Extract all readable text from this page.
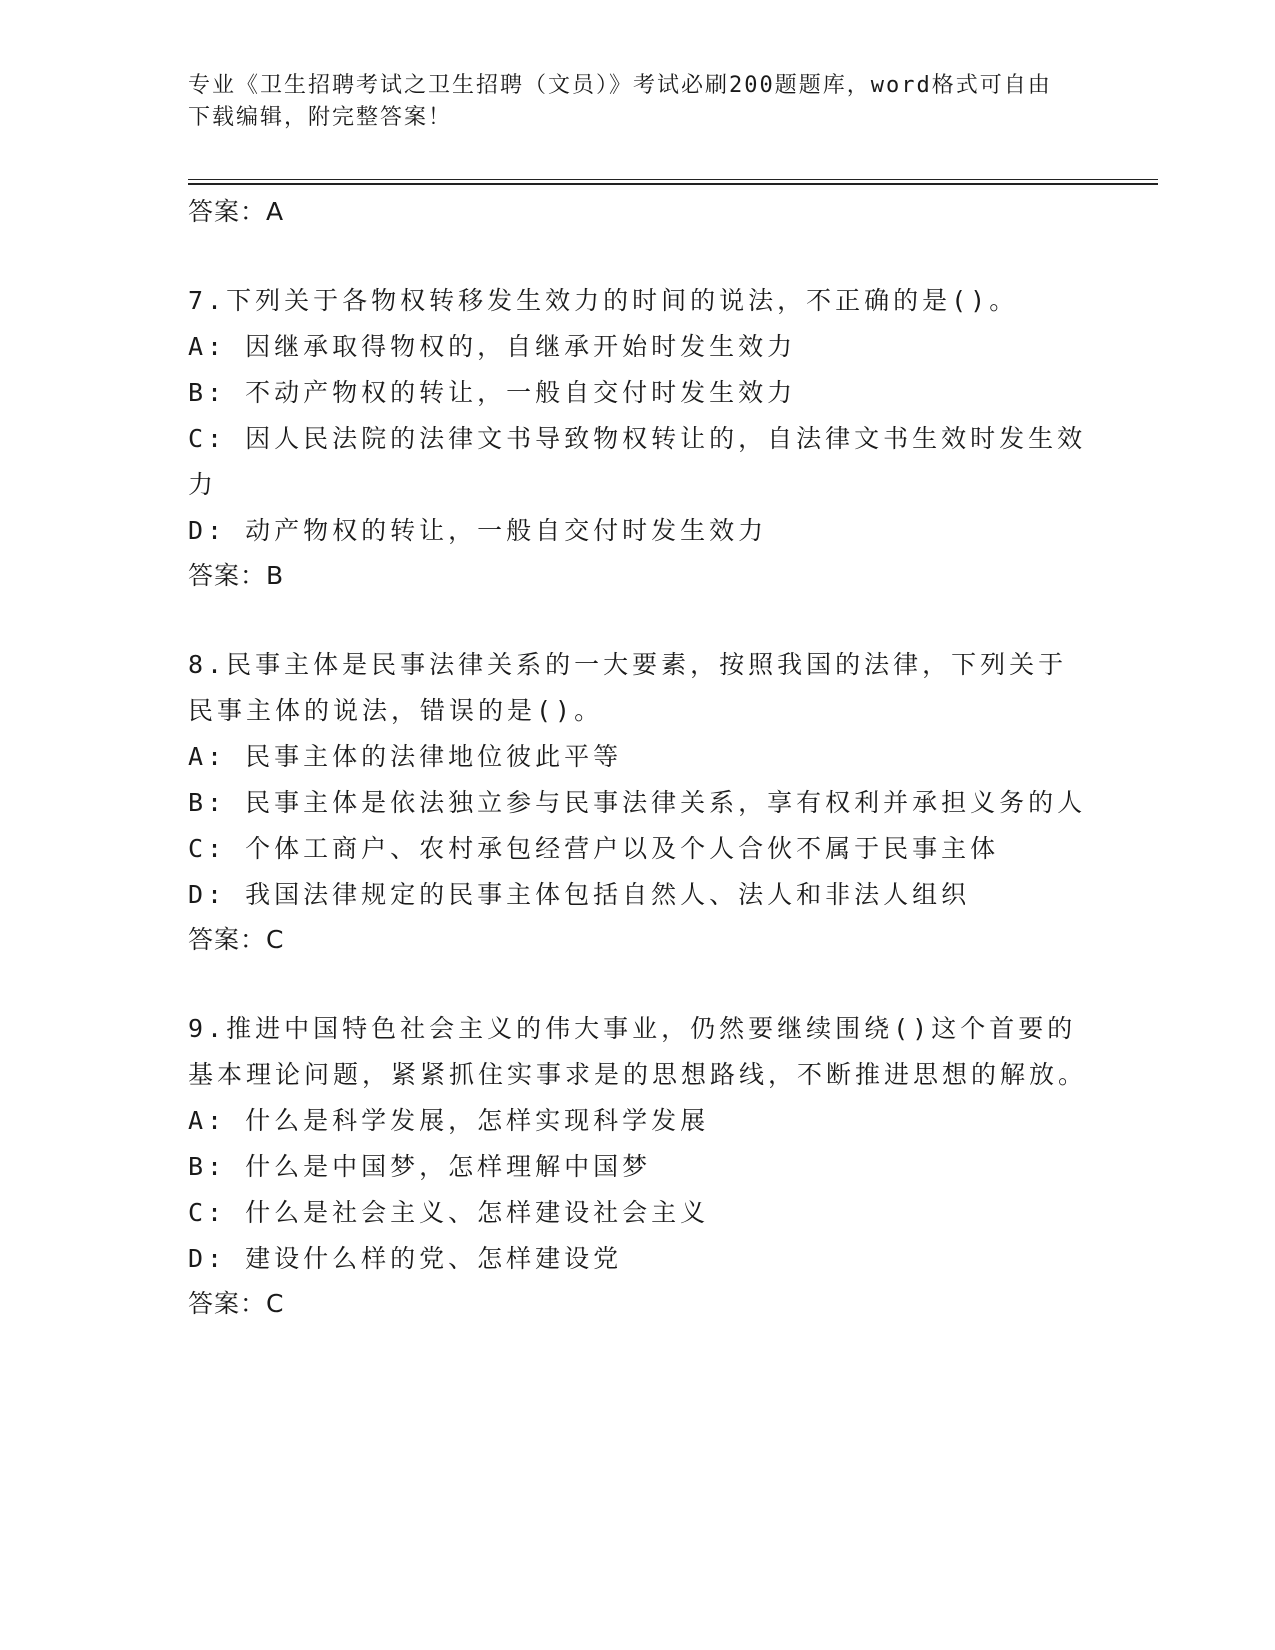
专业《卫生招聘考试之卫生招聘（文员）》考试必刷200题题库，word格式可自由下载编辑，附完整答案！

答案：A

7.下列关于各物权转移发生效力的时间的说法，不正确的是()。

A: 因继承取得物权的，自继承开始时发生效力

B: 不动产物权的转让，一般自交付时发生效力

C: 因人民法院的法律文书导致物权转让的，自法律文书生效时发生效力

D: 动产物权的转让，一般自交付时发生效力

答案：B

8.民事主体是民事法律关系的一大要素，按照我国的法律，下列关于民事主体的说法，错误的是()。

A: 民事主体的法律地位彼此平等

B: 民事主体是依法独立参与民事法律关系，享有权利并承担义务的人

C: 个体工商户、农村承包经营户以及个人合伙不属于民事主体

D: 我国法律规定的民事主体包括自然人、法人和非法人组织

答案：C

9.推进中国特色社会主义的伟大事业，仍然要继续围绕()这个首要的基本理论问题，紧紧抓住实事求是的思想路线，不断推进思想的解放。

A: 什么是科学发展，怎样实现科学发展

B: 什么是中国梦，怎样理解中国梦

C: 什么是社会主义、怎样建设社会主义

D: 建设什么样的党、怎样建设党

答案：C
